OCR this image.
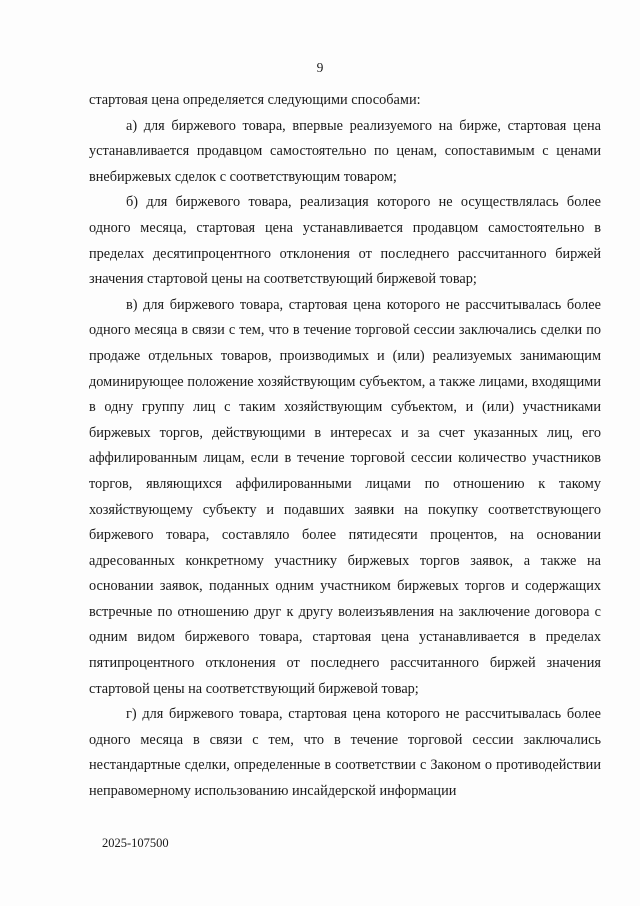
9

стартовая цена определяется следующими способами:

а) для биржевого товара, впервые реализуемого на бирже, стартовая цена устанавливается продавцом самостоятельно по ценам, сопоставимым с ценами внебиржевых сделок с соответствующим товаром;

б) для биржевого товара, реализация которого не осуществлялась более одного месяца, стартовая цена устанавливается продавцом самостоятельно в пределах десятипроцентного отклонения от последнего рассчитанного биржей значения стартовой цены на соответствующий биржевой товар;

в) для биржевого товара, стартовая цена которого не рассчитывалась более одного месяца в связи с тем, что в течение торговой сессии заключались сделки по продаже отдельных товаров, производимых и (или) реализуемых занимающим доминирующее положение хозяйствующим субъектом, а также лицами, входящими в одну группу лиц с таким хозяйствующим субъектом, и (или) участниками биржевых торгов, действующими в интересах и за счет указанных лиц, его аффилированным лицам, если в течение торговой сессии количество участников торгов, являющихся аффилированными лицами по отношению к такому хозяйствующему субъекту и подавших заявки на покупку соответствующего биржевого товара, составляло более пятидесяти процентов, на основании адресованных конкретному участнику биржевых торгов заявок, а также на основании заявок, поданных одним участником биржевых торгов и содержащих встречные по отношению друг к другу волеизъявления на заключение договора с одним видом биржевого товара, стартовая цена устанавливается в пределах пятипроцентного отклонения от последнего рассчитанного биржей значения стартовой цены на соответствующий биржевой товар;

г) для биржевого товара, стартовая цена которого не рассчитывалась более одного месяца в связи с тем, что в течение торговой сессии заключались нестандартные сделки, определенные в соответствии с Законом о противодействии неправомерному использованию инсайдерской информации

2025-107500
